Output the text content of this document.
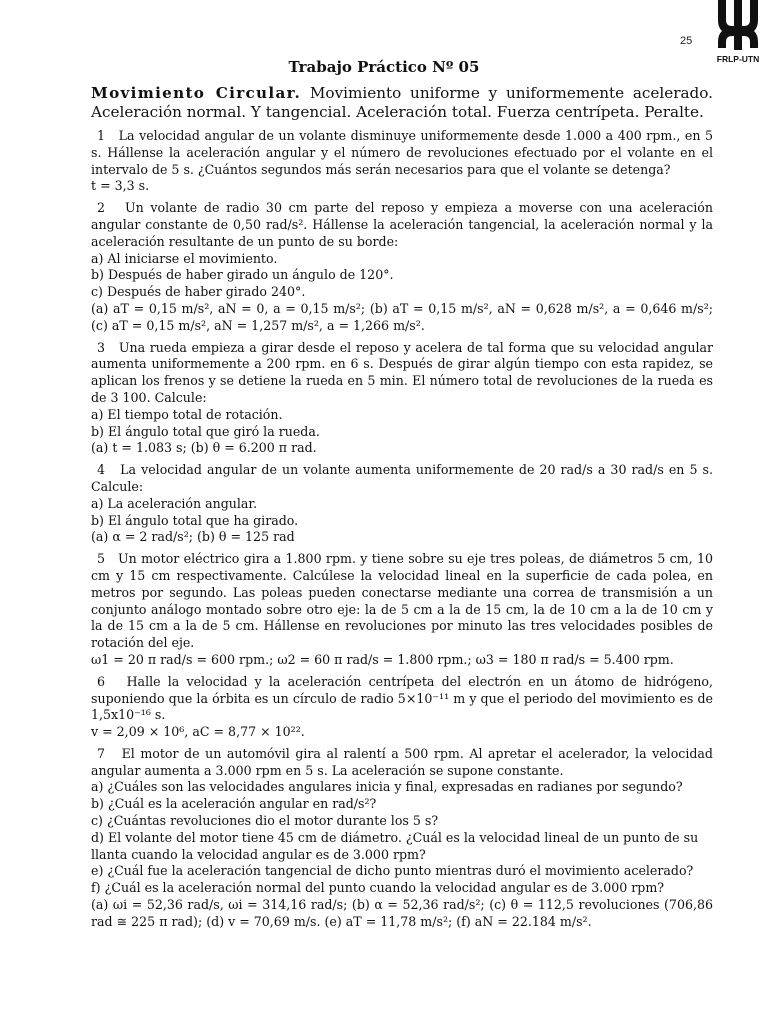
FRLP-UTN
25
Trabajo Práctico Nº 05
Movimiento Circular. Movimiento uniforme y uniformemente acelerado. Aceleración normal. Y tangencial. Aceleración total. Fuerza centrípeta. Peralte.

1 La velocidad angular de un volante disminuye uniformemente desde 1.000 a 400 rpm., en 5 s. Hállense la aceleración angular y el número de revoluciones efectuado por el volante en el intervalo de 5 s. ¿Cuántos segundos más serán necesarios para que el volante se detenga?

t = 3,3 s.

2 Un volante de radio 30 cm parte del reposo y empieza a moverse con una aceleración angular constante de 0,50 rad/s². Hállense la aceleración tangencial, la aceleración normal y la aceleración resultante de un punto de su borde:

a) Al iniciarse el movimiento.
b) Después de haber girado un ángulo de 120°.
c) Después de haber girado 240°.
(a) aT = 0,15 m/s², aN = 0, a = 0,15 m/s²; (b) aT = 0,15 m/s², aN = 0,628 m/s², a = 0,646 m/s²; (c) aT = 0,15 m/s², aN = 1,257 m/s², a = 1,266 m/s².

3 Una rueda empieza a girar desde el reposo y acelera de tal forma que su velocidad angular aumenta uniformemente a 200 rpm. en 6 s. Después de girar algún tiempo con esta rapidez, se aplican los frenos y se detiene la rueda en 5 min. El número total de revoluciones de la rueda es de 3 100. Calcule:

a) El tiempo total de rotación.
b) El ángulo total que giró la rueda.
(a) t = 1.083 s; (b) θ = 6.200 π rad.

4 La velocidad angular de un volante aumenta uniformemente de 20 rad/s a 30 rad/s en 5 s. Calcule:

a) La aceleración angular.
b) El ángulo total que ha girado.
(a) α = 2 rad/s²; (b) θ = 125 rad

5 Un motor eléctrico gira a 1.800 rpm. y tiene sobre su eje tres poleas, de diámetros 5 cm, 10 cm y 15 cm respectivamente. Calcúlese la velocidad lineal en la superficie de cada polea, en metros por segundo. Las poleas pueden conectarse mediante una correa de transmisión a un conjunto análogo montado sobre otro eje: la de 5 cm a la de 15 cm, la de 10 cm a la de 10 cm y la de 15 cm a la de 5 cm. Hállense en revoluciones por minuto las tres velocidades posibles de rotación del eje.

ω1 = 20 π rad/s = 600 rpm.; ω2 = 60 π rad/s = 1.800 rpm.; ω3 = 180 π rad/s = 5.400 rpm.

6 Halle la velocidad y la aceleración centrípeta del electrón en un átomo de hidrógeno, suponiendo que la órbita es un círculo de radio 5×10⁻¹¹ m y que el periodo del movimiento es de 1,5x10⁻¹⁶ s.

v = 2,09 × 10⁶, aC = 8,77 × 10²².

7 El motor de un automóvil gira al ralentí a 500 rpm. Al apretar el acelerador, la velocidad angular aumenta a 3.000 rpm en 5 s. La aceleración se supone constante.

a) ¿Cuáles son las velocidades angulares inicia y final, expresadas en radianes por segundo?
b) ¿Cuál es la aceleración angular en rad/s²?
c) ¿Cuántas revoluciones dio el motor durante los 5 s?
d) El volante del motor tiene 45 cm de diámetro. ¿Cuál es la velocidad lineal de un punto de su llanta cuando la velocidad angular es de 3.000 rpm?
e) ¿Cuál fue la aceleración tangencial de dicho punto mientras duró el movimiento acelerado?
f) ¿Cuál es la aceleración normal del punto cuando la velocidad angular es de 3.000 rpm?
(a) ωi = 52,36 rad/s, ωi = 314,16 rad/s; (b) α = 52,36 rad/s²; (c) θ = 112,5 revoluciones (706,86 rad ≅ 225 π rad); (d) v = 70,69 m/s. (e) aT = 11,78 m/s²; (f) aN = 22.184 m/s².
